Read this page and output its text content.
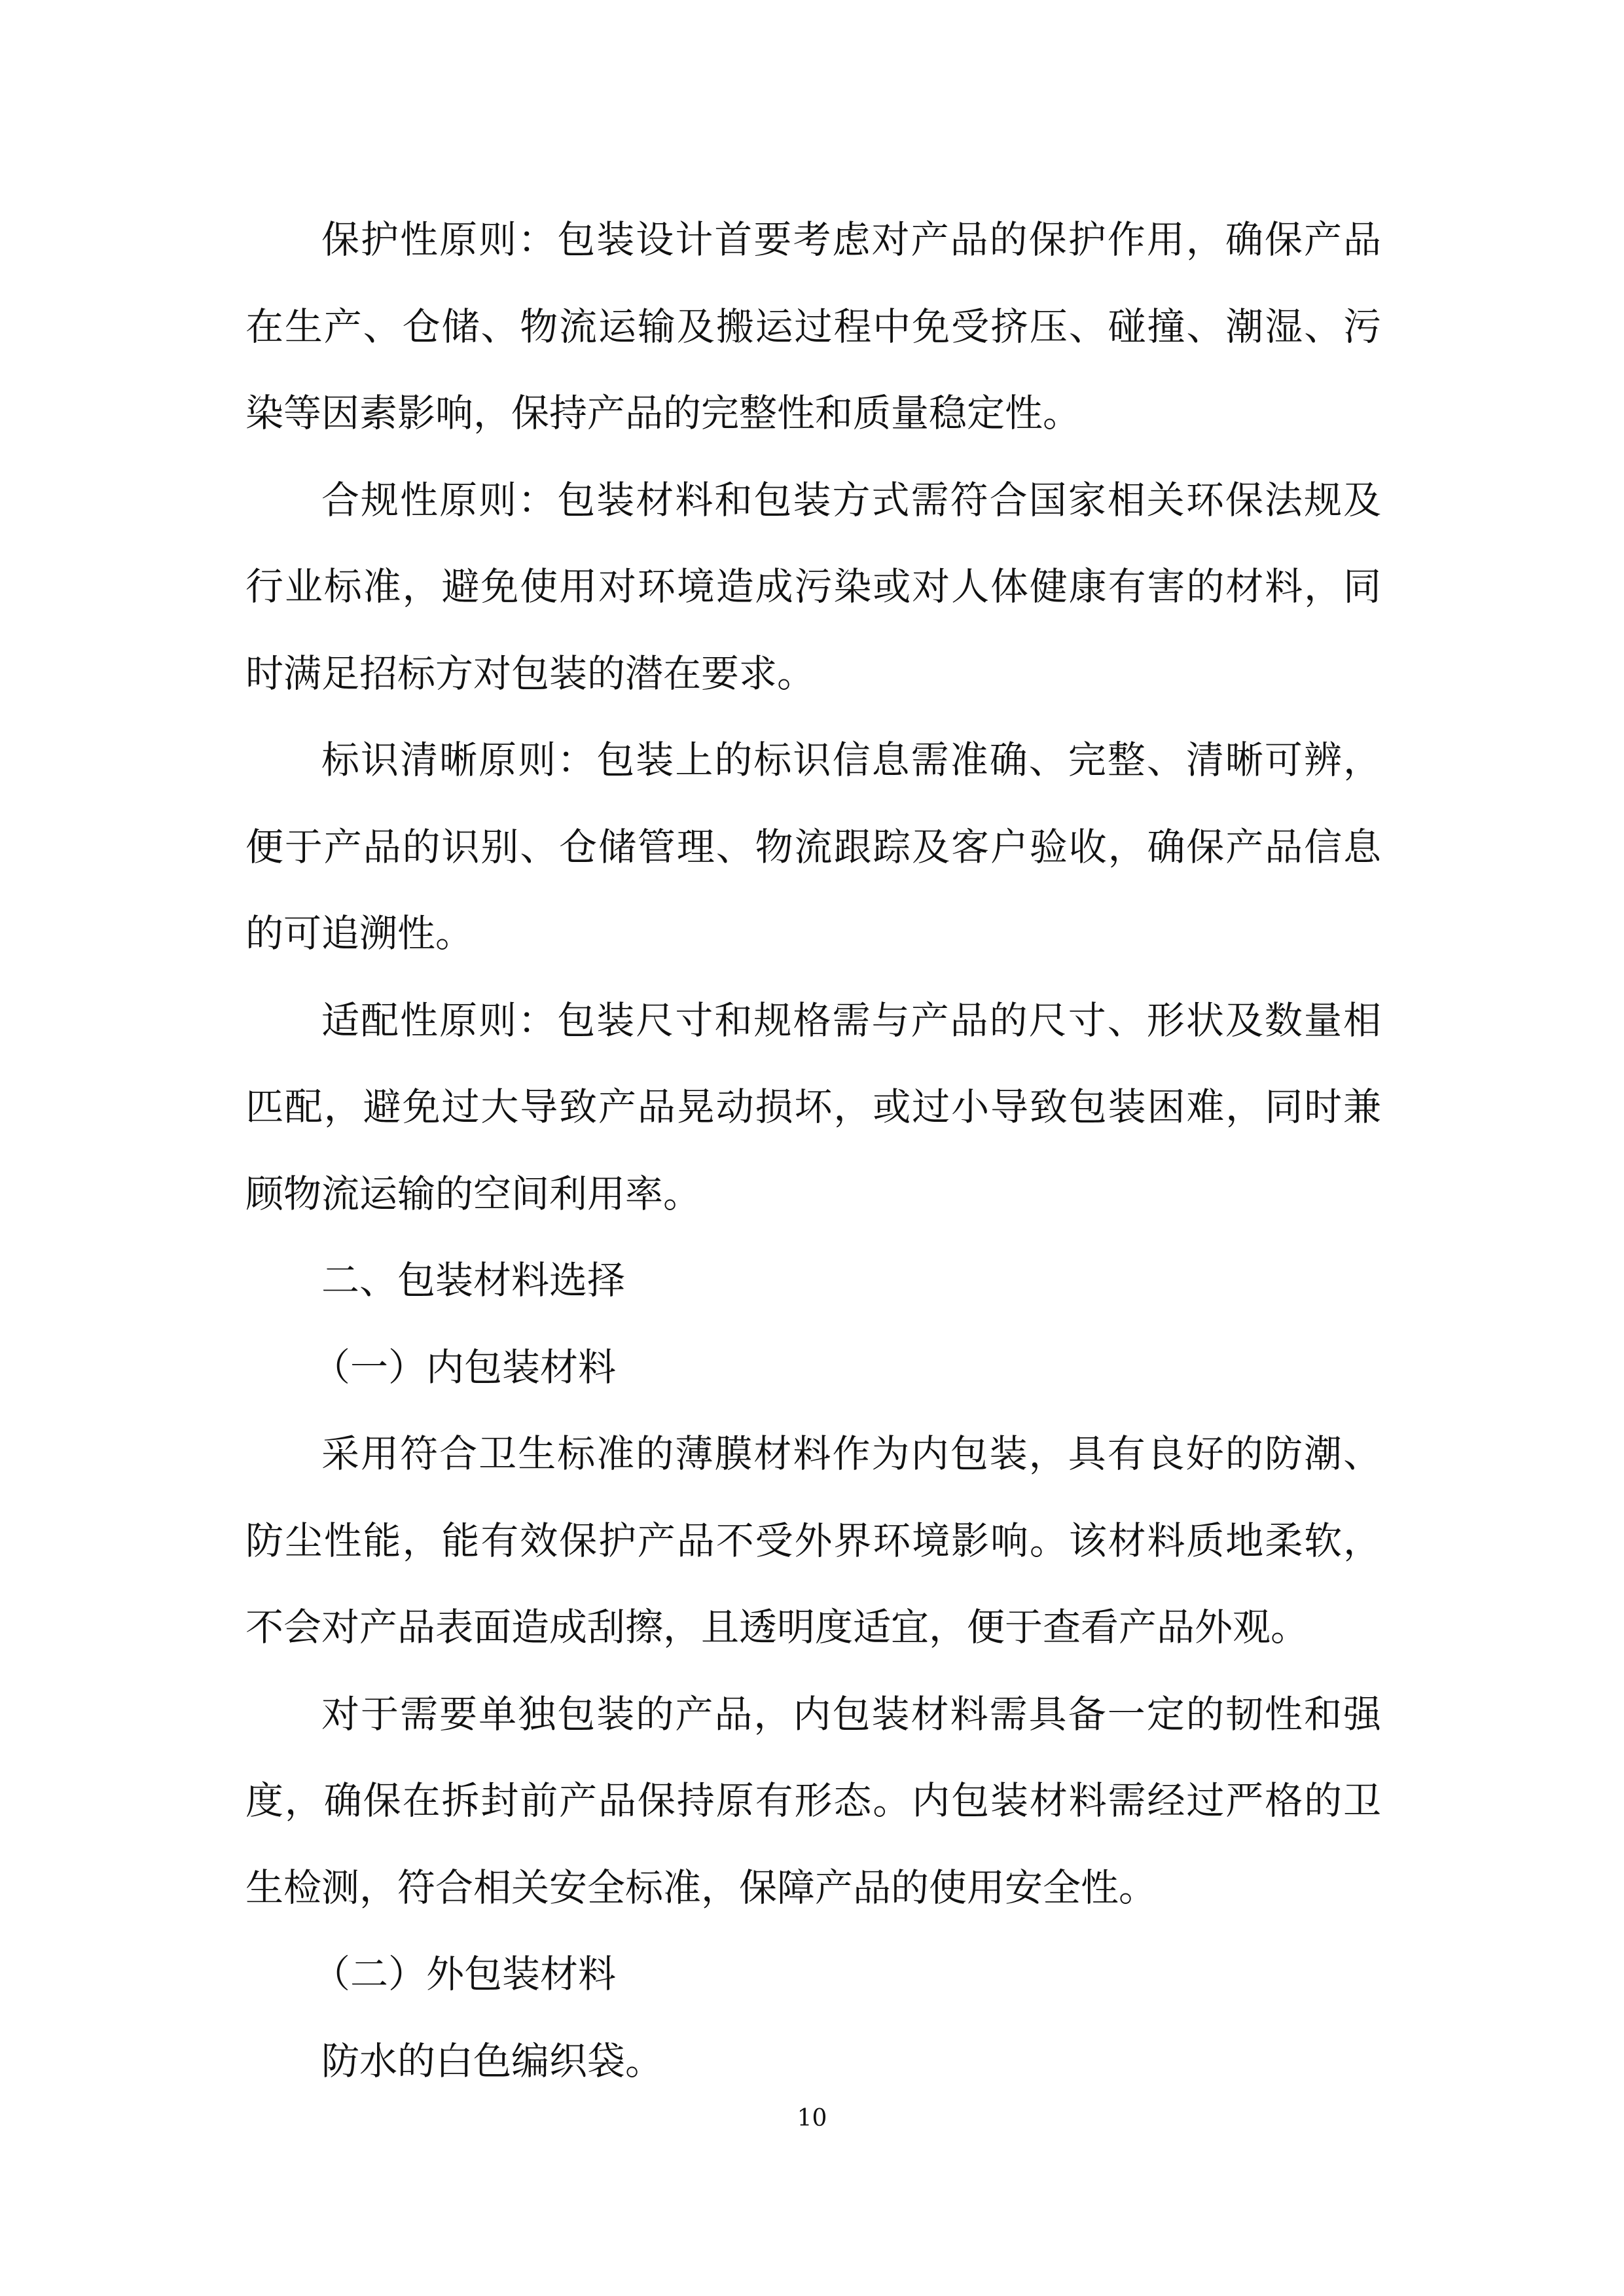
保护性原则：包装设计首要考虑对产品的保护作用，确保产品在生产、仓储、物流运输及搬运过程中免受挤压、碰撞、潮湿、污染等因素影响，保持产品的完整性和质量稳定性。

合规性原则：包装材料和包装方式需符合国家相关环保法规及行业标准，避免使用对环境造成污染或对人体健康有害的材料，同时满足招标方对包装的潜在要求。

标识清晰原则：包装上的标识信息需准确、完整、清晰可辨，便于产品的识别、仓储管理、物流跟踪及客户验收，确保产品信息的可追溯性。

适配性原则：包装尺寸和规格需与产品的尺寸、形状及数量相匹配，避免过大导致产品晃动损坏，或过小导致包装困难，同时兼顾物流运输的空间利用率。

二、包装材料选择

（一）内包装材料

采用符合卫生标准的薄膜材料作为内包装，具有良好的防潮、防尘性能，能有效保护产品不受外界环境影响。该材料质地柔软，不会对产品表面造成刮擦，且透明度适宜，便于查看产品外观。

对于需要单独包装的产品，内包装材料需具备一定的韧性和强度，确保在拆封前产品保持原有形态。内包装材料需经过严格的卫生检测，符合相关安全标准，保障产品的使用安全性。

（二）外包装材料

防水的白色编织袋。

10
